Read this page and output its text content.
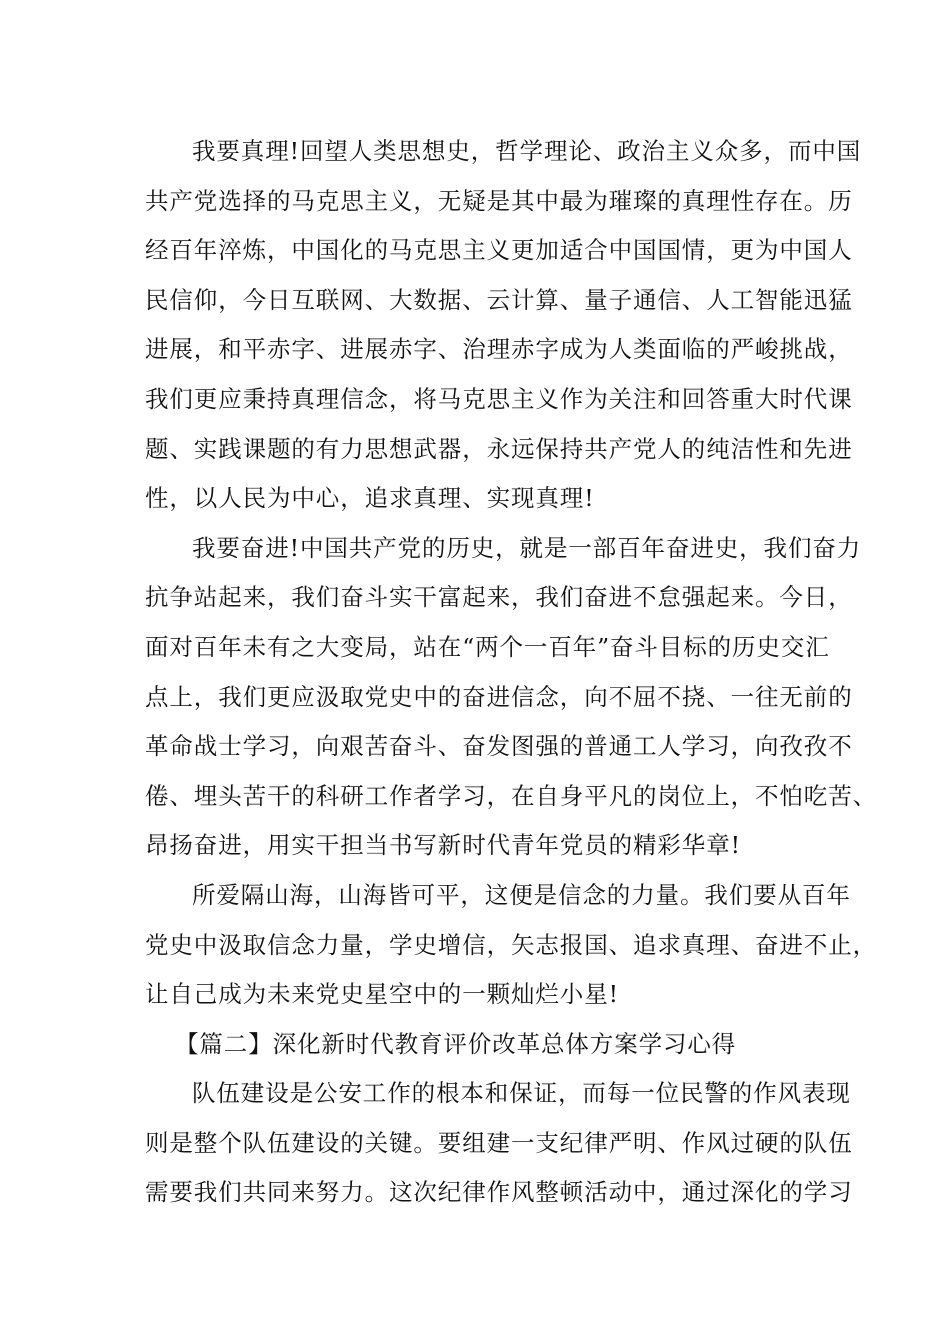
我要真理!回望人类思想史，哲学理论、政治主义众多，而中国
共产党选择的马克思主义，无疑是其中最为璀璨的真理性存在。历
经百年淬炼，中国化的马克思主义更加适合中国国情，更为中国人
民信仰，今日互联网、大数据、云计算、量子通信、人工智能迅猛
进展，和平赤字、进展赤字、治理赤字成为人类面临的严峻挑战，
我们更应秉持真理信念，将马克思主义作为关注和回答重大时代课
题、实践课题的有力思想武器，永远保持共产党人的纯洁性和先进
性，以人民为中心，追求真理、实现真理!

我要奋进!中国共产党的历史，就是一部百年奋进史，我们奋力
抗争站起来，我们奋斗实干富起来，我们奋进不怠强起来。今日，
面对百年未有之大变局，站在“两个一百年”奋斗目标的历史交汇
点上，我们更应汲取党史中的奋进信念，向不屈不挠、一往无前的
革命战士学习，向艰苦奋斗、奋发图强的普通工人学习，向孜孜不
倦、埋头苦干的科研工作者学习，在自身平凡的岗位上，不怕吃苦、
昂扬奋进，用实干担当书写新时代青年党员的精彩华章!

所爱隔山海，山海皆可平，这便是信念的力量。我们要从百年
党史中汲取信念力量，学史增信，矢志报国、追求真理、奋进不止，
让自己成为未来党史星空中的一颗灿烂小星!

【篇二】深化新时代教育评价改革总体方案学习心得

队伍建设是公安工作的根本和保证，而每一位民警的作风表现
则是整个队伍建设的关键。要组建一支纪律严明、作风过硬的队伍
需要我们共同来努力。这次纪律作风整顿活动中，通过深化的学习
